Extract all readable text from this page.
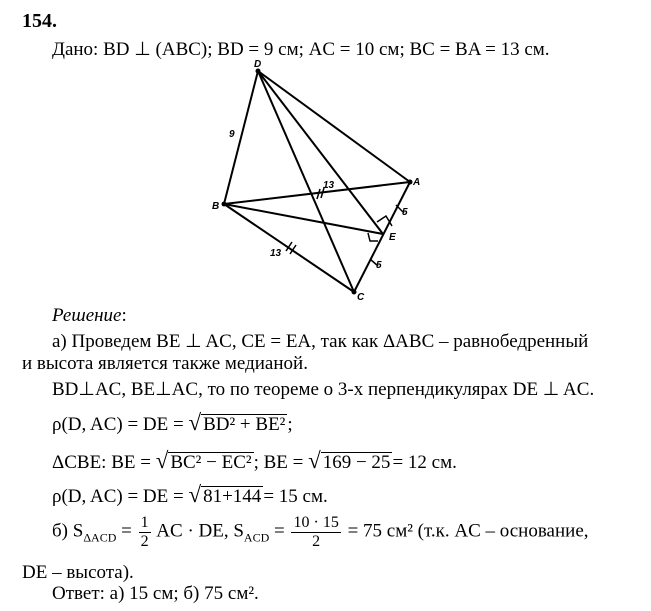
154.
Дано: BD ⊥ (ABC); BD = 9 см; AC = 10 см; BC = BA = 13 см.
D
A
B
C
E
9
13
13
5
5
Решение:
а) Проведем BE ⊥ AC, CE = EA, так как ΔABC – равнобедренный
и высота является также медианой.
BD⊥AC, BE⊥AC, то по теореме о 3-х перпендикулярах DE ⊥ AC.
ρ(D, AC) = DE = √ BD² + BE² ;
ΔCBE: BE = √ BC² − EC² ; BE = √ 169 − 25 = 12 см.
ρ(D, AC) = DE = √ 81+144 = 15 см.
б) $S_{\Delta ACD} = \frac{1}{2}$ AC · DE, $S_{ACD} = \frac{10 \cdot 15}{2} = 75$ см² (т.к. AC – основание,
DE – высота).
Ответ: а) 15 см; б) 75 см².
